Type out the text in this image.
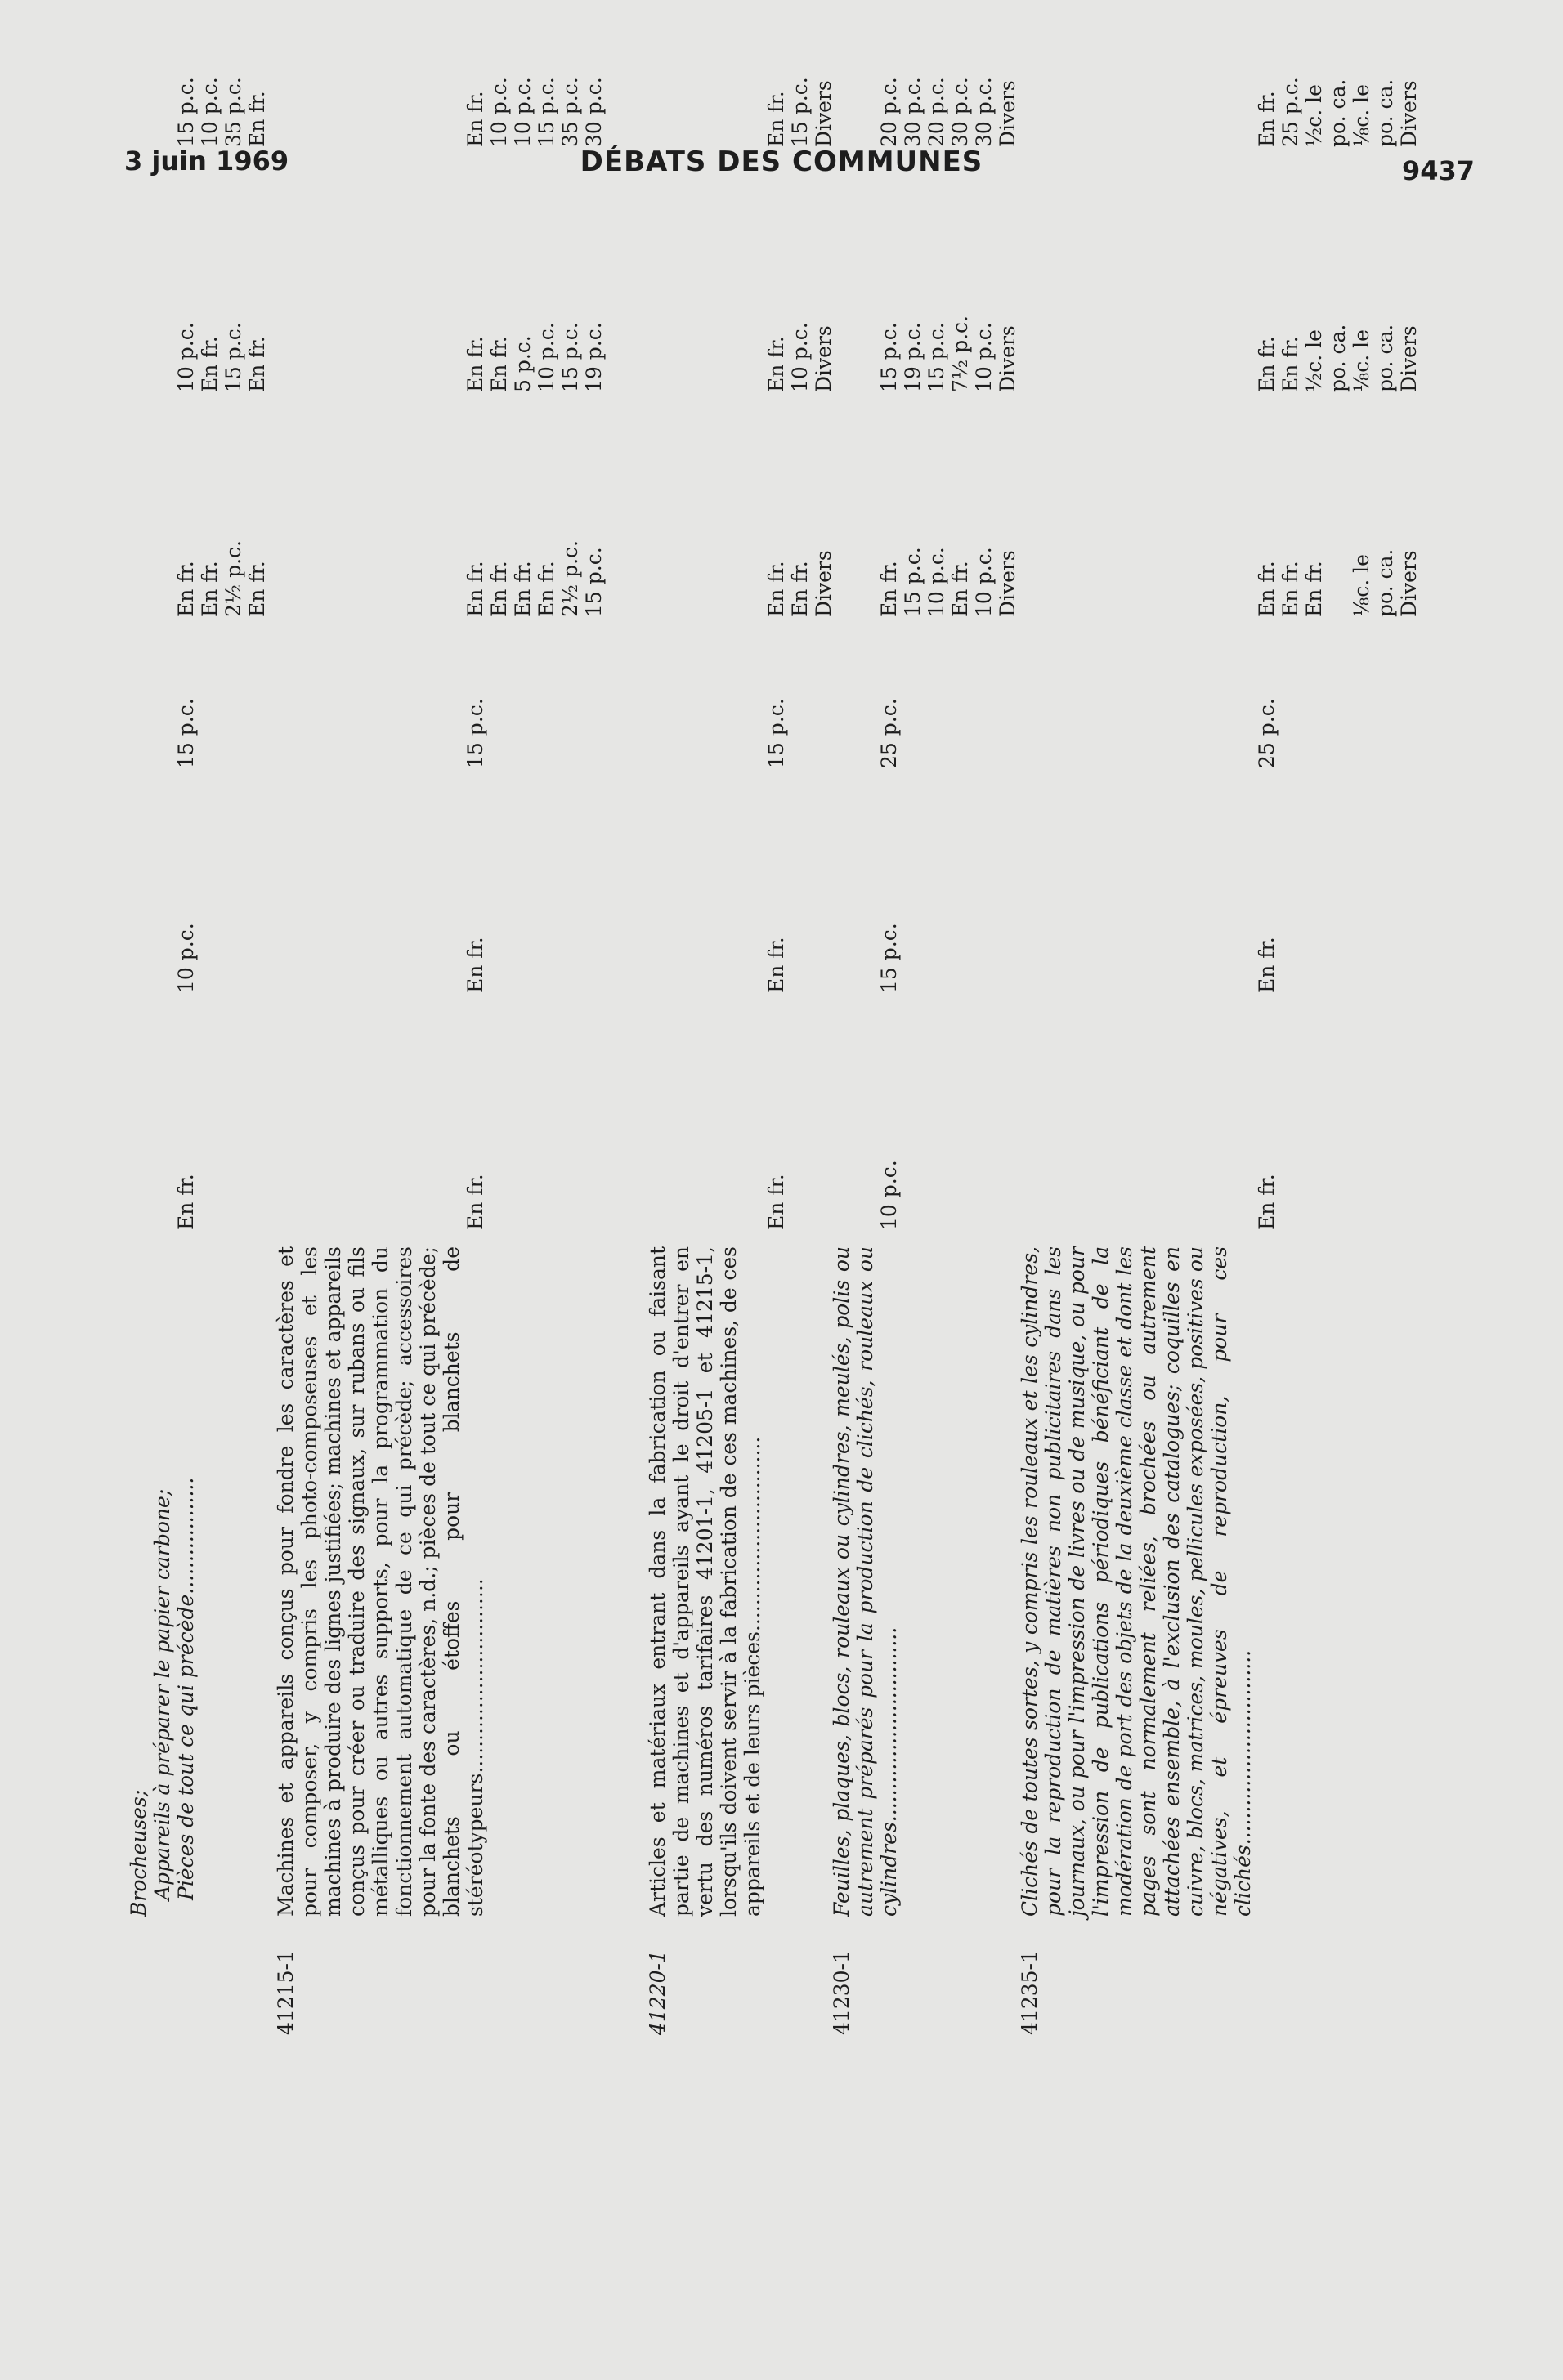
3 juin 1969	DÉBATS DES COMMUNES	9437
Brocheuses; Appareils à préparer le papier carbone; Pièces de tout ce qui précède..................
En fr.
10 p.c.
15 p.c.
En fr. En fr. 2½ p.c. En fr.
10 p.c. En fr. 15 p.c. En fr.
15 p.c. 10 p.c. 35 p.c. En fr.
41215-1
Machines et appareils conçus pour fondre les caractères et pour composer, y compris les photo-composeuses et les machines à produire des lignes justifiées; machines et appareils conçus pour créer ou traduire des signaux, sur rubans ou fils métalliques ou autres supports, pour la programmation du fonctionnement automatique de ce qui précède; accessoires pour la fonte des caractères, n.d.; pièces de tout ce qui précède; blanchets ou étoffes pour blanchets de stéréotypeurs..............................
En fr.
En fr.
15 p.c.
En fr. En fr. En fr. En fr. 2½ p.c. 15 p.c.
En fr. En fr. 5 p.c. 10 p.c. 15 p.c. 19 p.c.
En fr. 10 p.c. 10 p.c. 15 p.c. 35 p.c. 30 p.c.
41220-1
Articles et matériaux entrant dans la fabrication ou faisant partie de machines et d'appareils ayant le droit d'entrer en vertu des numéros tarifaires 41201-1, 41205-1 et 41215-1, lorsqu'ils doivent servir à la fabrication de ces machines, de ces appareils et de leurs pièces..............................
En fr.
En fr.
15 p.c.
En fr. En fr. Divers
En fr. 10 p.c. Divers
En fr. 15 p.c. Divers
41230-1
Feuilles, plaques, blocs, rouleaux ou cylindres, meulés, polis ou autrement préparés pour la production de clichés, rouleaux ou cylindres..............................
10 p.c.
15 p.c.
25 p.c.
En fr. 15 p.c. 10 p.c. En fr. 10 p.c. Divers
15 p.c. 19 p.c. 15 p.c. 7½ p.c. 10 p.c. Divers
20 p.c. 30 p.c. 20 p.c. 30 p.c. 30 p.c. Divers
41235-1
Clichés de toutes sortes, y compris les rouleaux et les cylindres, pour la reproduction de matières non publicitaires dans les journaux, ou pour l'impression de livres ou de musique, ou pour l'impression de publications périodiques bénéficiant de la modération de port des objets de la deuxième classe et dont les pages sont normalement reliées, brochées ou autrement attachées ensemble, à l'exclusion des catalogues; coquilles en cuivre, blocs, matrices, moules, pellicules exposées, positives ou négatives, et épreuves de reproduction, pour ces clichés..............................
En fr.
En fr.
25 p.c.
En fr. En fr. En fr. ⅛c. le po. ca. Divers
En fr. En fr. ½c. le po. ca. ⅛c. le po. ca. Divers
En fr. 25 p.c. ½c. le po. ca. ⅛c. le po. ca. Divers
